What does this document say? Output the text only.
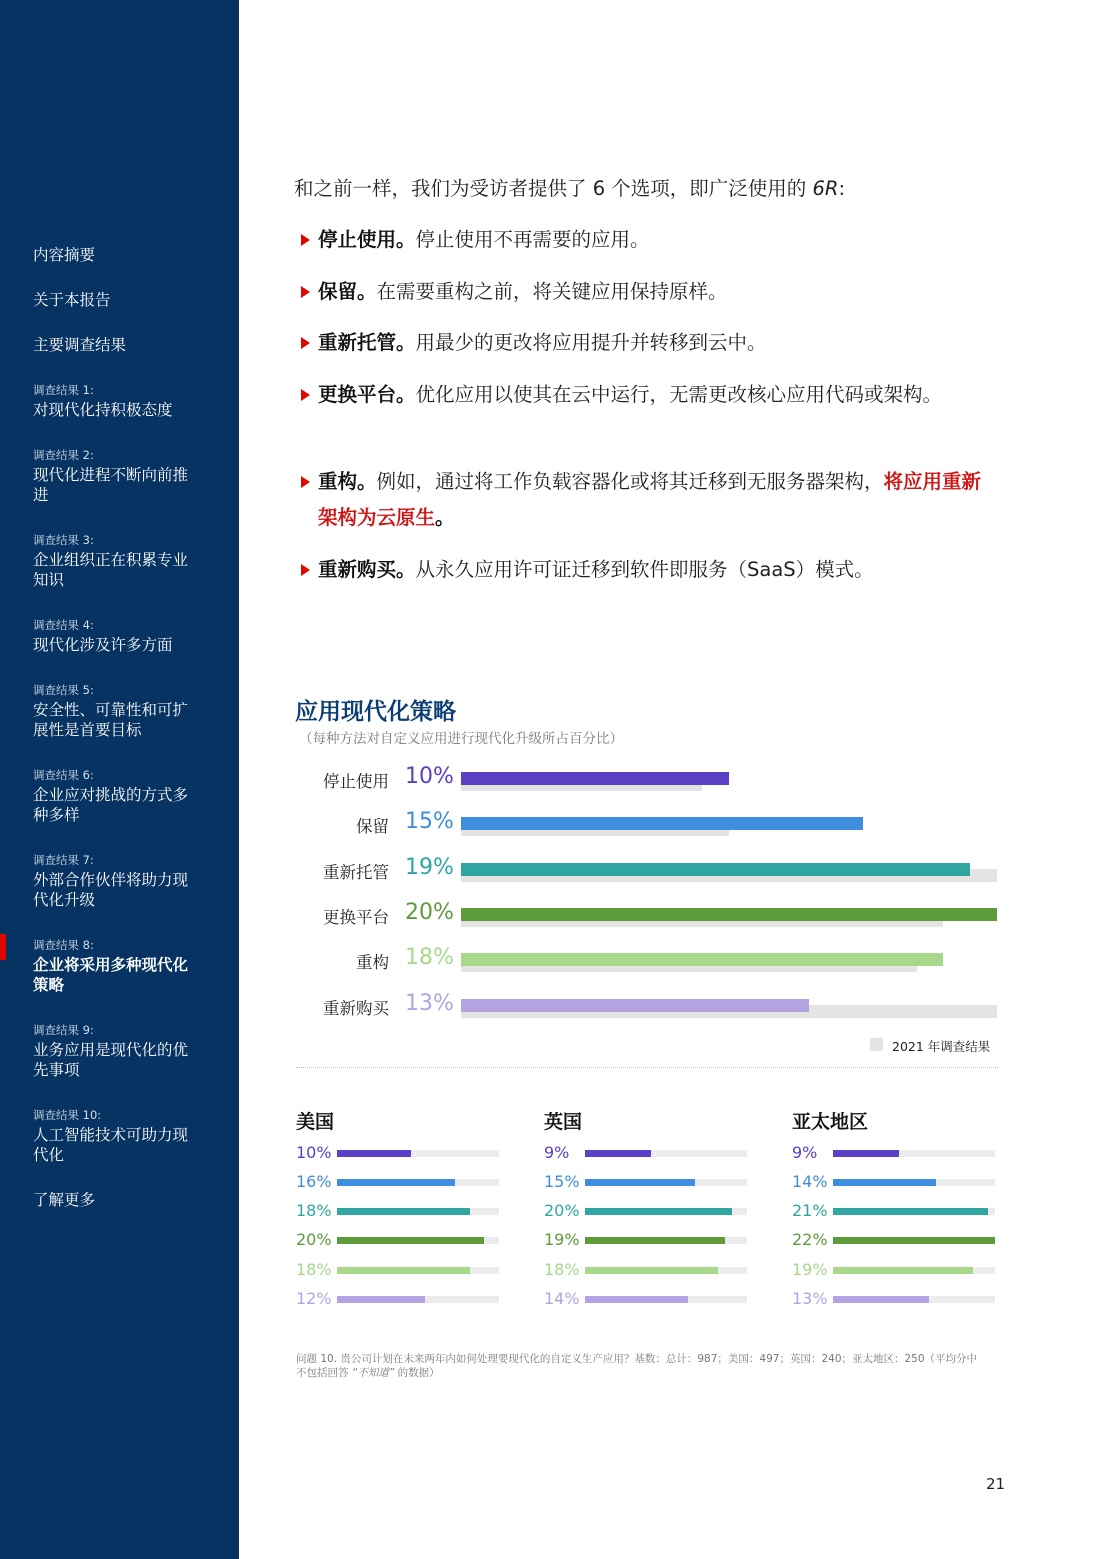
内容摘要
关于本报告
主要调查结果
调查结果 1:
对现代化持积极态度
调查结果 2:
现代化进程不断向前推进
调查结果 3:
企业组织正在积累专业知识
调查结果 4:
现代化涉及许多方面
调查结果 5:
安全性、可靠性和可扩展性是首要目标
调查结果 6:
企业应对挑战的方式多种多样
调查结果 7:
外部合作伙伴将助力现代化升级
调查结果 8:
企业将采用多种现代化策略
调查结果 9:
业务应用是现代化的优先事项
调查结果 10:
人工智能技术可助力现代化
了解更多

和之前一样，我们为受访者提供了 6 个选项，即广泛使用的 6R:

停止使用。停止使用不再需要的应用。
保留。在需要重构之前，将关键应用保持原样。
重新托管。用最少的更改将应用提升并转移到云中。
更换平台。优化应用以使其在云中运行，无需更改核心应用代码或架构。
重构。例如，通过将工作负载容器化或将其迁移到无服务器架构，将应用重新架构为云原生。
重新购买。从永久应用许可证迁移到软件即服务（SaaS）模式。
应用现代化策略
（每种方法对自定义应用进行现代化升级所占百分比）
停止使用 10%
保留 15%
重新托管 19%
更换平台 20%
重构 18%
重新购买 13%
2021 年调查结果
美国
10%
16%
18%
20%
18%
12%
英国
9%
15%
20%
19%
18%
14%
亚太地区
9%
14%
21%
22%
19%
13%
问题 10. 贵公司计划在未来两年内如何处理要现代化的自定义生产应用？基数：总计：987；美国：497；英国：240；亚太地区：250（平均分中
不包括回答 “不知道” 的数据）
21
